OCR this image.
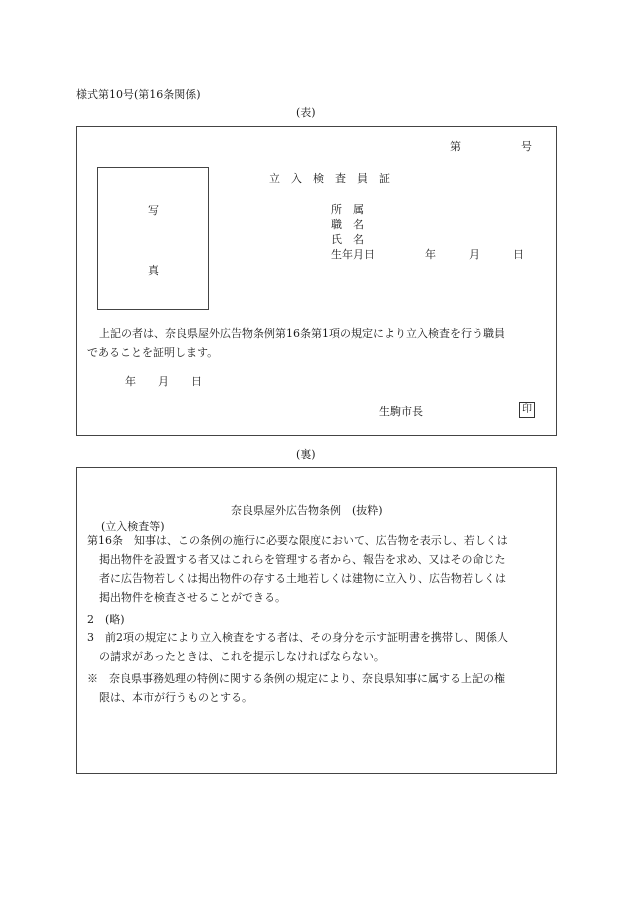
様式第10号(第16条関係)
(表)
第	号
写
真
立　入　検　査　員　証
所　属
職　名
氏　名
生年月日	年　　　月　　　日
上記の者は、奈良県屋外広告物条例第16条第1項の規定により立入検査を行う職員
であることを証明します。
年　　月　　日
生駒市長	印
(裏)
奈良県屋外広告物条例　(抜粋)
(立入検査等)
第16条　知事は、この条例の施行に必要な限度において、広告物を表示し、若しくは
掲出物件を設置する者又はこれらを管理する者から、報告を求め、又はその命じた
者に広告物若しくは掲出物件の存する土地若しくは建物に立入り、広告物若しくは
掲出物件を検査させることができる。
2　(略)
3　前2項の規定により立入検査をする者は、その身分を示す証明書を携帯し、関係人
の請求があったときは、これを提示しなければならない。
※　奈良県事務処理の特例に関する条例の規定により、奈良県知事に属する上記の権
限は、本市が行うものとする。
